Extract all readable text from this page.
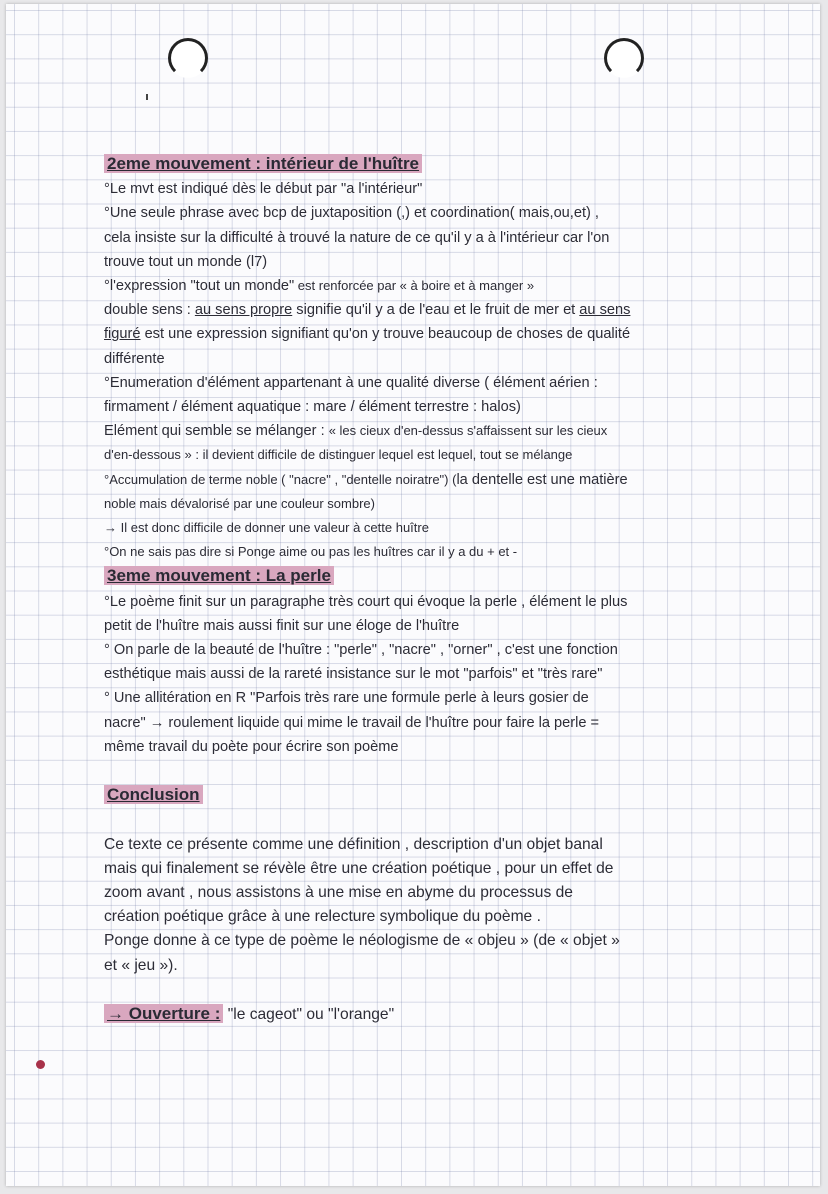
2eme mouvement : intérieur de l'huître
°Le mvt est indiqué dès le début par "a l'intérieur"
°Une seule phrase avec bcp de juxtaposition (,) et coordination( mais,ou,et) ,
cela insiste sur la difficulté à trouvé la nature de ce qu'il y a à l'intérieur car l'on
trouve tout un monde (l7)
°l'expression "tout un monde" est renforcée par « à boire et à manger »
double sens : au sens propre signifie qu'il y a de l'eau et le fruit de mer et au sens
figuré est une expression signifiant qu'on y trouve beaucoup de choses de qualité
différente
°Enumeration d'élément appartenant à une qualité diverse ( élément aérien :
firmament / élément aquatique : mare / élément terrestre : halos)
Elément qui semble se mélanger : « les cieux d'en-dessus s'affaissent sur les cieux
d'en-dessous » : il devient difficile de distinguer lequel est lequel, tout se mélange
°Accumulation de terme noble ( "nacre" , "dentelle noiratre") (la dentelle est une matière
noble mais dévalorisé par une couleur sombre)
→ Il est donc difficile de donner une valeur à cette huître
°On ne sais pas dire si Ponge aime ou pas les huîtres car il y a du + et -
3eme mouvement : La perle
°Le poème finit sur un paragraphe très court qui évoque la perle , élément le plus
petit de l'huître mais aussi finit sur une éloge de l'huître
° On parle de la beauté de l'huître : "perle" , "nacre" , "orner" , c'est une fonction
esthétique mais aussi de la rareté insistance sur le mot "parfois" et "très rare"
° Une allitération en R "Parfois très rare une formule perle à leurs gosier de
nacre" → roulement liquide qui mime le travail de l'huître pour faire la perle =
même travail du poète pour écrire son poème
Conclusion
Ce texte ce présente comme une définition , description d'un objet banal
mais qui finalement se révèle être une création poétique , pour un effet de
zoom avant , nous assistons à une mise en abyme du processus de
création poétique grâce à une relecture symbolique du poème .
Ponge donne à ce type de poème le néologisme de « objeu » (de « objet »
et « jeu »).
→ Ouverture : "le cageot" ou "l'orange"
